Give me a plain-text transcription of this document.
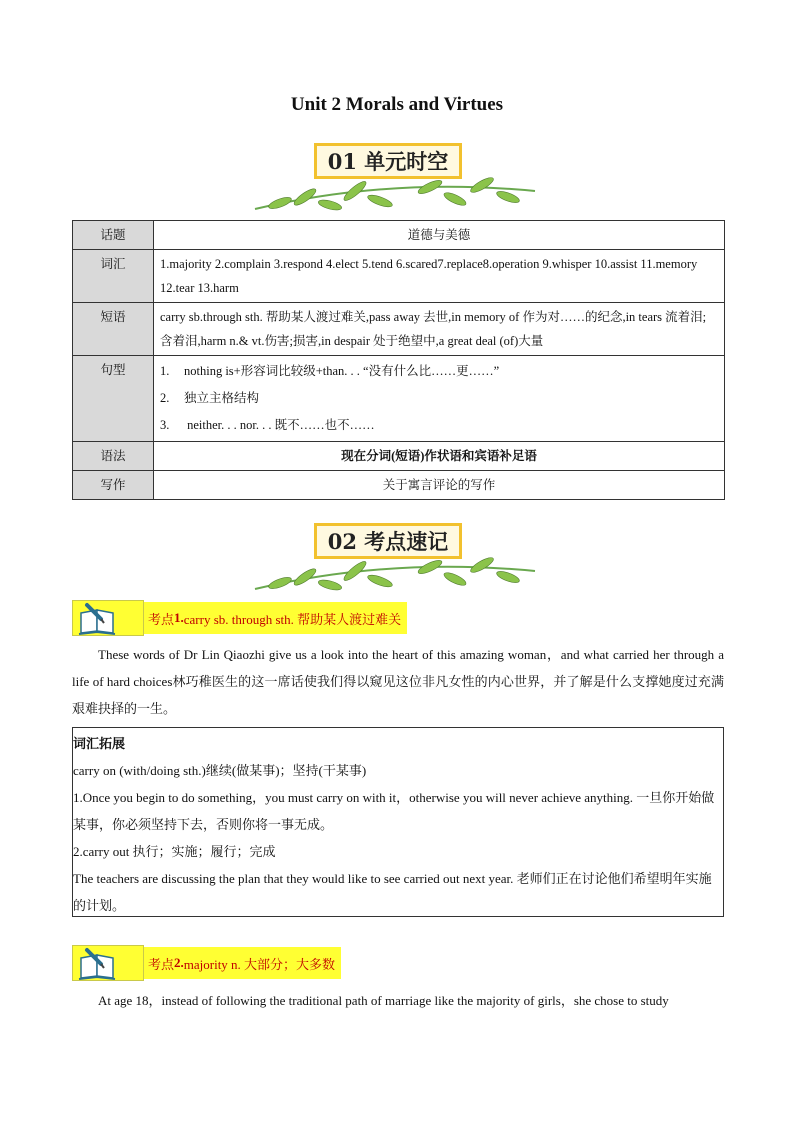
Unit 2 Morals and Virtues
01 单元时空
话题	道德与美德
词汇	1.majority 2.complain 3.respond 4.elect 5.tend 6.scared7.replace8.operation 9.whisper 10.assist 11.memory 12.tear 13.harm
短语	carry sb.through sth. 帮助某人渡过难关,pass away 去世,in memory of 作为对……的纪念,in tears 流着泪;含着泪,harm n.& vt.伤害;损害,in despair 处于绝望中,a great deal (of)大量
句型	1. nothing is+形容词比较级+than. . . “没有什么比……更……”
2. 独立主格结构
3. neither. . . nor. . . 既不……也不……

语法	现在分词(短语)作状语和宾语补足语
写作	关于寓言评论的写作
02 考点速记
考点 1. carry sb. through sth. 帮助某人渡过难关
These words of Dr Lin Qiaozhi give us a look into the heart of this amazing woman，and what carried her through a life of hard choices林巧稚医生的这一席话使我们得以窥见这位非凡女性的内心世界，并了解是什么支撑她度过充满艰难抉择的一生。
词汇拓展
carry on (with/doing sth.)继续(做某事)；坚持(干某事)
1.Once you begin to do something，you must carry on with it，otherwise you will never achieve anything. 一旦你开始做某事，你必须坚持下去，否则你将一事无成。
2.carry out 执行；实施；履行；完成
The teachers are discussing the plan that they would like to see carried out next year. 老师们正在讨论他们希望明年实施的计划。
考点 2. majority n. 大部分；大多数
At age 18，instead of following the traditional path of marriage like the majority of girls，she chose to study
